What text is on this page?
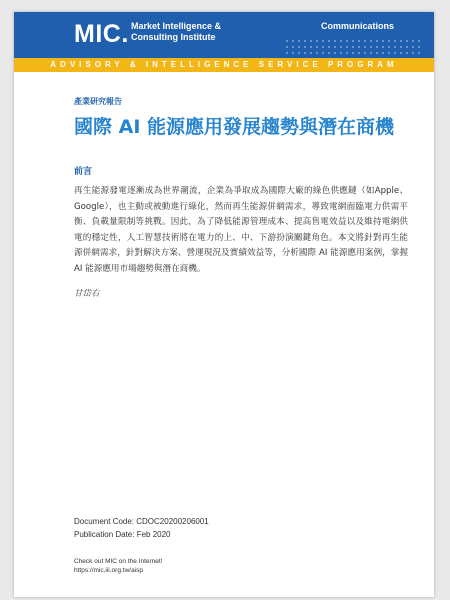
MIC. Market Intelligence &
Consulting Institute
Communications
ADVISORY & INTELLIGENCE SERVICE PROGRAM
產業研究報告
國際 AI 能源應用發展趨勢與潛在商機
前言

再生能源發電逐漸成為世界潮流，企業為爭取成為國際大廠的綠色供應鏈（如Apple、Google），也主動或被動進行綠化，然而再生能源併網需求，導致電網面臨電力供需平衡、負載量限制等挑戰。因此，為了降低能源管理成本、提高售電效益以及維持電網供電的穩定性，人工智慧技術將在電力的上、中、下游扮演關鍵角色。本文將針對再生能源併網需求，針對解決方案、營運現況及實績效益等，分析國際 AI 能源應用案例，掌握 AI 能源應用市場趨勢與潛在商機。

甘岱右
Document Code: CDOC20200206001
Publication Date: Feb 2020
Check out MIC on the Internet!
https://mic.iii.org.tw/aisp
